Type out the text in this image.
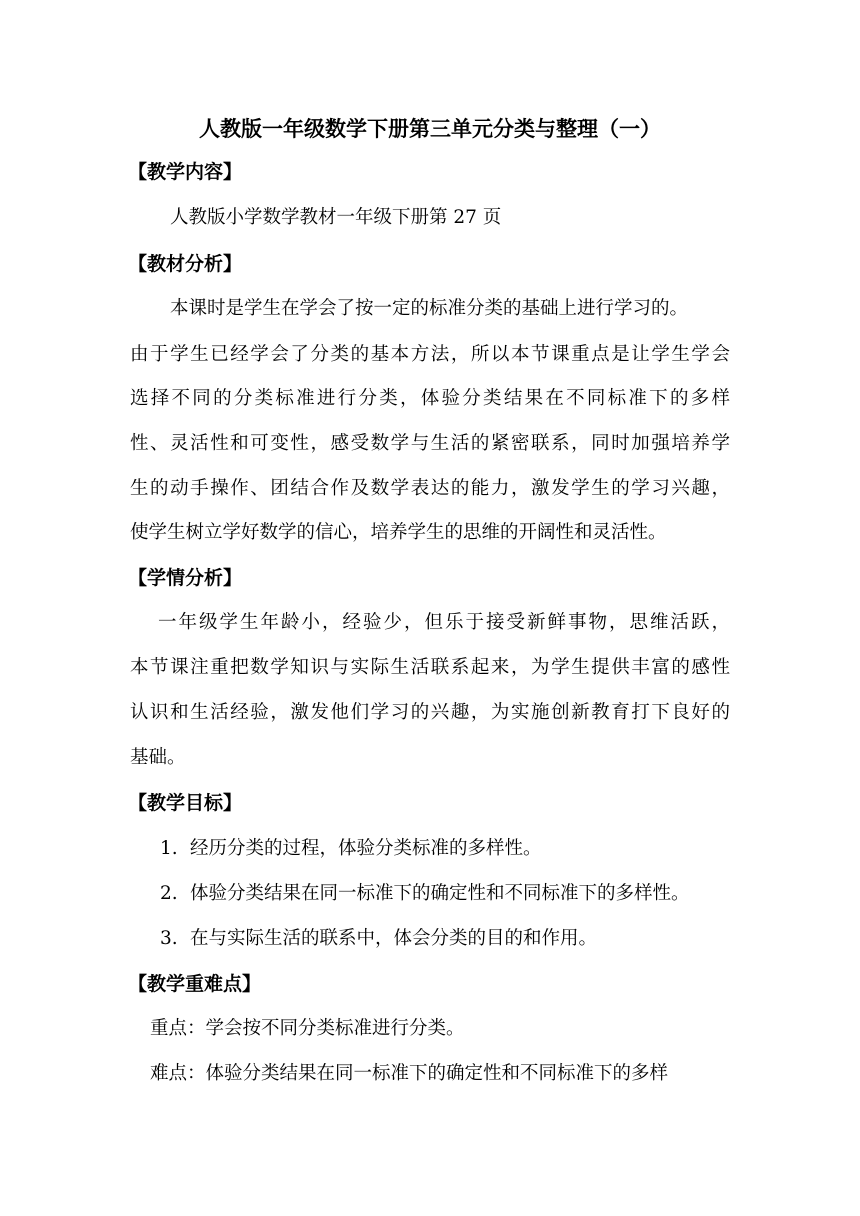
人教版一年级数学下册第三单元分类与整理（一）
【教学内容】
人教版小学数学教材一年级下册第 27 页
【教材分析】
本课时是学生在学会了按一定的标准分类的基础上进行学习的。
由于学生已经学会了分类的基本方法，所以本节课重点是让学生学会
选择不同的分类标准进行分类，体验分类结果在不同标准下的多样
性、灵活性和可变性，感受数学与生活的紧密联系，同时加强培养学
生的动手操作、团结合作及数学表达的能力，激发学生的学习兴趣，
使学生树立学好数学的信心，培养学生的思维的开阔性和灵活性。
【学情分析】
一年级学生年龄小，经验少，但乐于接受新鲜事物，思维活跃，
本节课注重把数学知识与实际生活联系起来，为学生提供丰富的感性
认识和生活经验，激发他们学习的兴趣，为实施创新教育打下良好的
基础。
【教学目标】
1. 经历分类的过程，体验分类标准的多样性。
2. 体验分类结果在同一标准下的确定性和不同标准下的多样性。
3. 在与实际生活的联系中，体会分类的目的和作用。
【教学重难点】
重点：学会按不同分类标准进行分类。
难点：体验分类结果在同一标准下的确定性和不同标准下的多样
